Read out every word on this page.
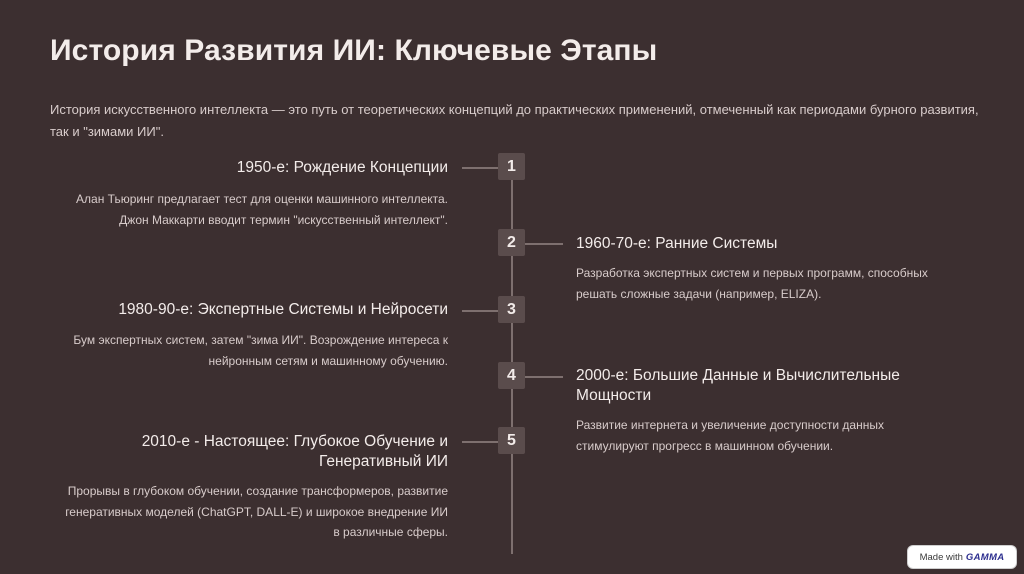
История Развития ИИ: Ключевые Этапы

История искусственного интеллекта — это путь от теоретических концепций до практических применений, отмеченный как периодами бурного развития, так и "зимами ИИ".

1
1950-е: Рождение Концепции
Алан Тьюринг предлагает тест для оценки машинного интеллекта.
Джон Маккарти вводит термин "искусственный интеллект".
2	1960-70-е: Ранние Системы
Разработка экспертных систем и первых программ, способных
решать сложные задачи (например, ELIZA).
3
1980-90-е: Экспертные Системы и Нейросети
Бум экспертных систем, затем "зима ИИ". Возрождение интереса к
нейронным сетям и машинному обучению.
4	2000-е: Большие Данные и Вычислительные
Мощности
Развитие интернета и увеличение доступности данных
стимулируют прогресс в машинном обучении.
5
2010-е - Настоящее: Глубокое Обучение и
Генеративный ИИ
Прорывы в глубоком обучении, создание трансформеров, развитие
генеративных моделей (ChatGPT, DALL-E) и широкое внедрение ИИ
в различные сферы.
Made with GAMMA
